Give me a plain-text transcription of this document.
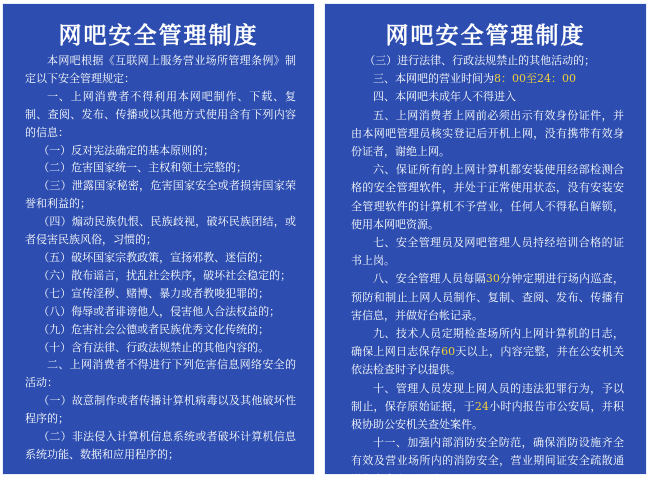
网吧安全管理制度

本网吧根据《互联网上服务营业场所管理条例》制定以下安全管理规定：

一、上网消费者不得利用本网吧制作、下载、复制、查阅、发布、传播或以其他方式使用含有下列内容的信息：

（一）反对宪法确定的基本原则的；

（二）危害国家统一、主权和领土完整的；

（三）泄露国家秘密，危害国家安全或者损害国家荣誉和利益的；

（四）煽动民族仇恨、民族歧视，破坏民族团结，或者侵害民族风俗，习惯的；

（五）破坏国家宗教政策，宣扬邪教、迷信的；

（六）散布谣言，扰乱社会秩序，破坏社会稳定的；

（七）宣传淫秽、赌博、暴力或者教唆犯罪的；

（八）侮辱或者诽谤他人，侵害他人合法权益的；

（九）危害社会公德或者民族优秀文化传统的；

（十）含有法律、行政法规禁止的其他内容的。

二、上网消费者不得进行下列危害信息网络安全的活动：

（一）故意制作或者传播计算机病毒以及其他破坏性程序的；

（二）非法侵入计算机信息系统或者破坏计算机信息系统功能、数据和应用程序的；

网吧安全管理制度

（三）进行法律、行政法规禁止的其他活动的；

三、本网吧的营业时间为8：00至24：00

四、本网吧未成年人不得进入

五、上网消费者上网前必须出示有效身份证件，并由本网吧管理员核实登记后开机上网，没有携带有效身份证者，谢绝上网。

六、保证所有的上网计算机都安装使用经部检测合格的安全管理软件，并处于正常使用状态，没有安装安全管理软件的计算机不予营业，任何人不得私自解锁，使用本网吧资源。

七、安全管理员及网吧管理人员持经培训合格的证书上岗。

八、安全管理人员每隔30分钟定期进行场内巡查，预防和制止上网人员制作、复制、查阅、发布、传播有害信息，并做好台帐记录。

九、技术人员定期检查场所内上网计算机的日志，确保上网日志保存60天以上，内容完整，并在公安机关依法检查时予以提供。

十、管理人员发现上网人员的违法犯罪行为，予以制止，保存原始证据，于24小时内报告市公安局，并积极协助公安机关查处案件。

十一、加强内部消防安全防范，确保消防设施齐全有效及营业场所内的消防安全，营业期间证安全疏散通道和安全出口畅通。
